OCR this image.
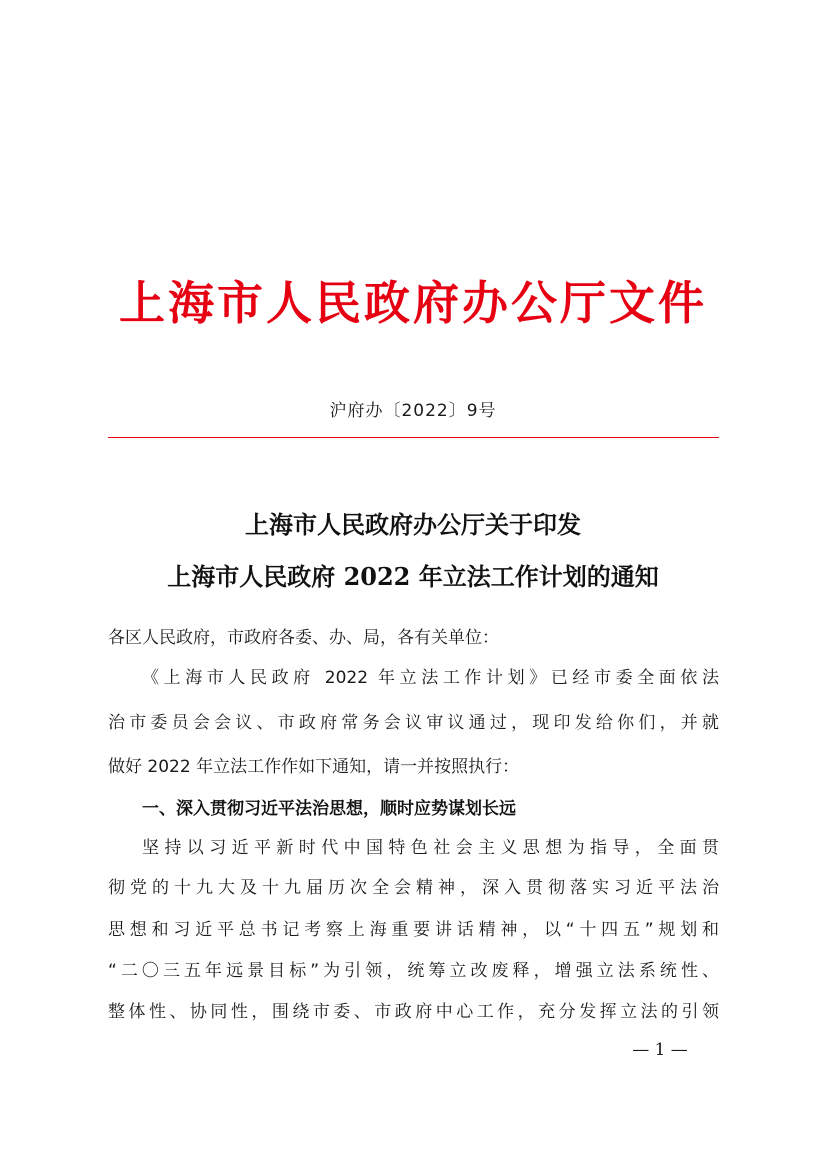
上海市人民政府办公厅文件
沪府办〔2022〕9号
上海市人民政府办公厅关于印发
上海市人民政府 2022 年立法工作计划的通知
各区人民政府，市政府各委、办、局，各有关单位：
《上海市人民政府 2022 年立法工作计划》已经市委全面依法
治市委员会会议、市政府常务会议审议通过，现印发给你们，并就
做好 2022 年立法工作作如下通知，请一并按照执行：
一、深入贯彻习近平法治思想，顺时应势谋划长远
坚持以习近平新时代中国特色社会主义思想为指导，全面贯
彻党的十九大及十九届历次全会精神，深入贯彻落实习近平法治
思想和习近平总书记考察上海重要讲话精神，以“十四五”规划和
“二〇三五年远景目标”为引领，统筹立改废释，增强立法系统性、
整体性、协同性，围绕市委、市政府中心工作，充分发挥立法的引领
— 1 —
